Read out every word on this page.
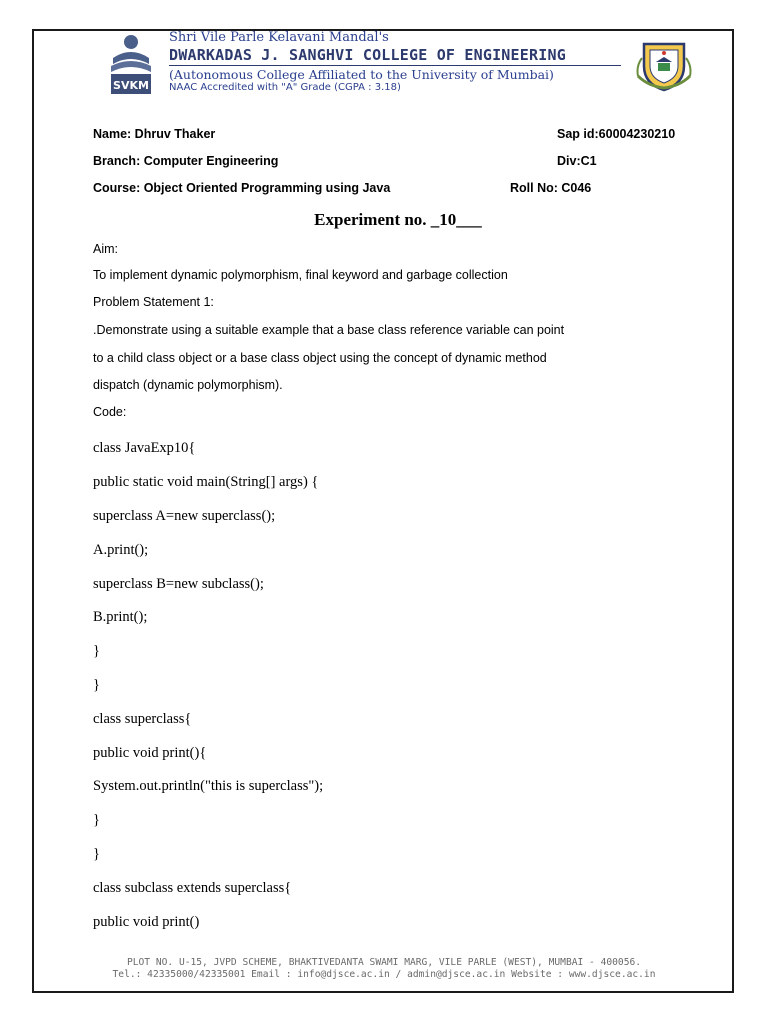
SVKM
Shri Vile Parle Kelavani Mandal's
DWARKADAS J. SANGHVI COLLEGE OF ENGINEERING
(Autonomous College Affiliated to the University of Mumbai)
NAAC Accredited with "A" Grade (CGPA : 3.18)
Name: Dhruv Thaker	Sap id:60004230210
Branch: Computer Engineering	Div:C1
Course: Object Oriented Programming using Java	Roll No: C046
Experiment no. _10___
Aim:
To implement dynamic polymorphism, final keyword and garbage collection
Problem Statement 1:
.Demonstrate using a suitable example that a base class reference variable can point
to a child class object or a base class object using the concept of dynamic method
dispatch (dynamic polymorphism).
Code:
class JavaExp10{
public static void main(String[] args) {
superclass A=new superclass();
A.print();
superclass B=new subclass();
B.print();
}
}
class superclass{
public void print(){
System.out.println("this is superclass");
}
}
class subclass extends superclass{
public void print()
PLOT NO. U-15, JVPD SCHEME, BHAKTIVEDANTA SWAMI MARG, VILE PARLE (WEST), MUMBAI - 400056.
Tel.: 42335000/42335001 Email : info@djsce.ac.in / admin@djsce.ac.in Website : www.djsce.ac.in
